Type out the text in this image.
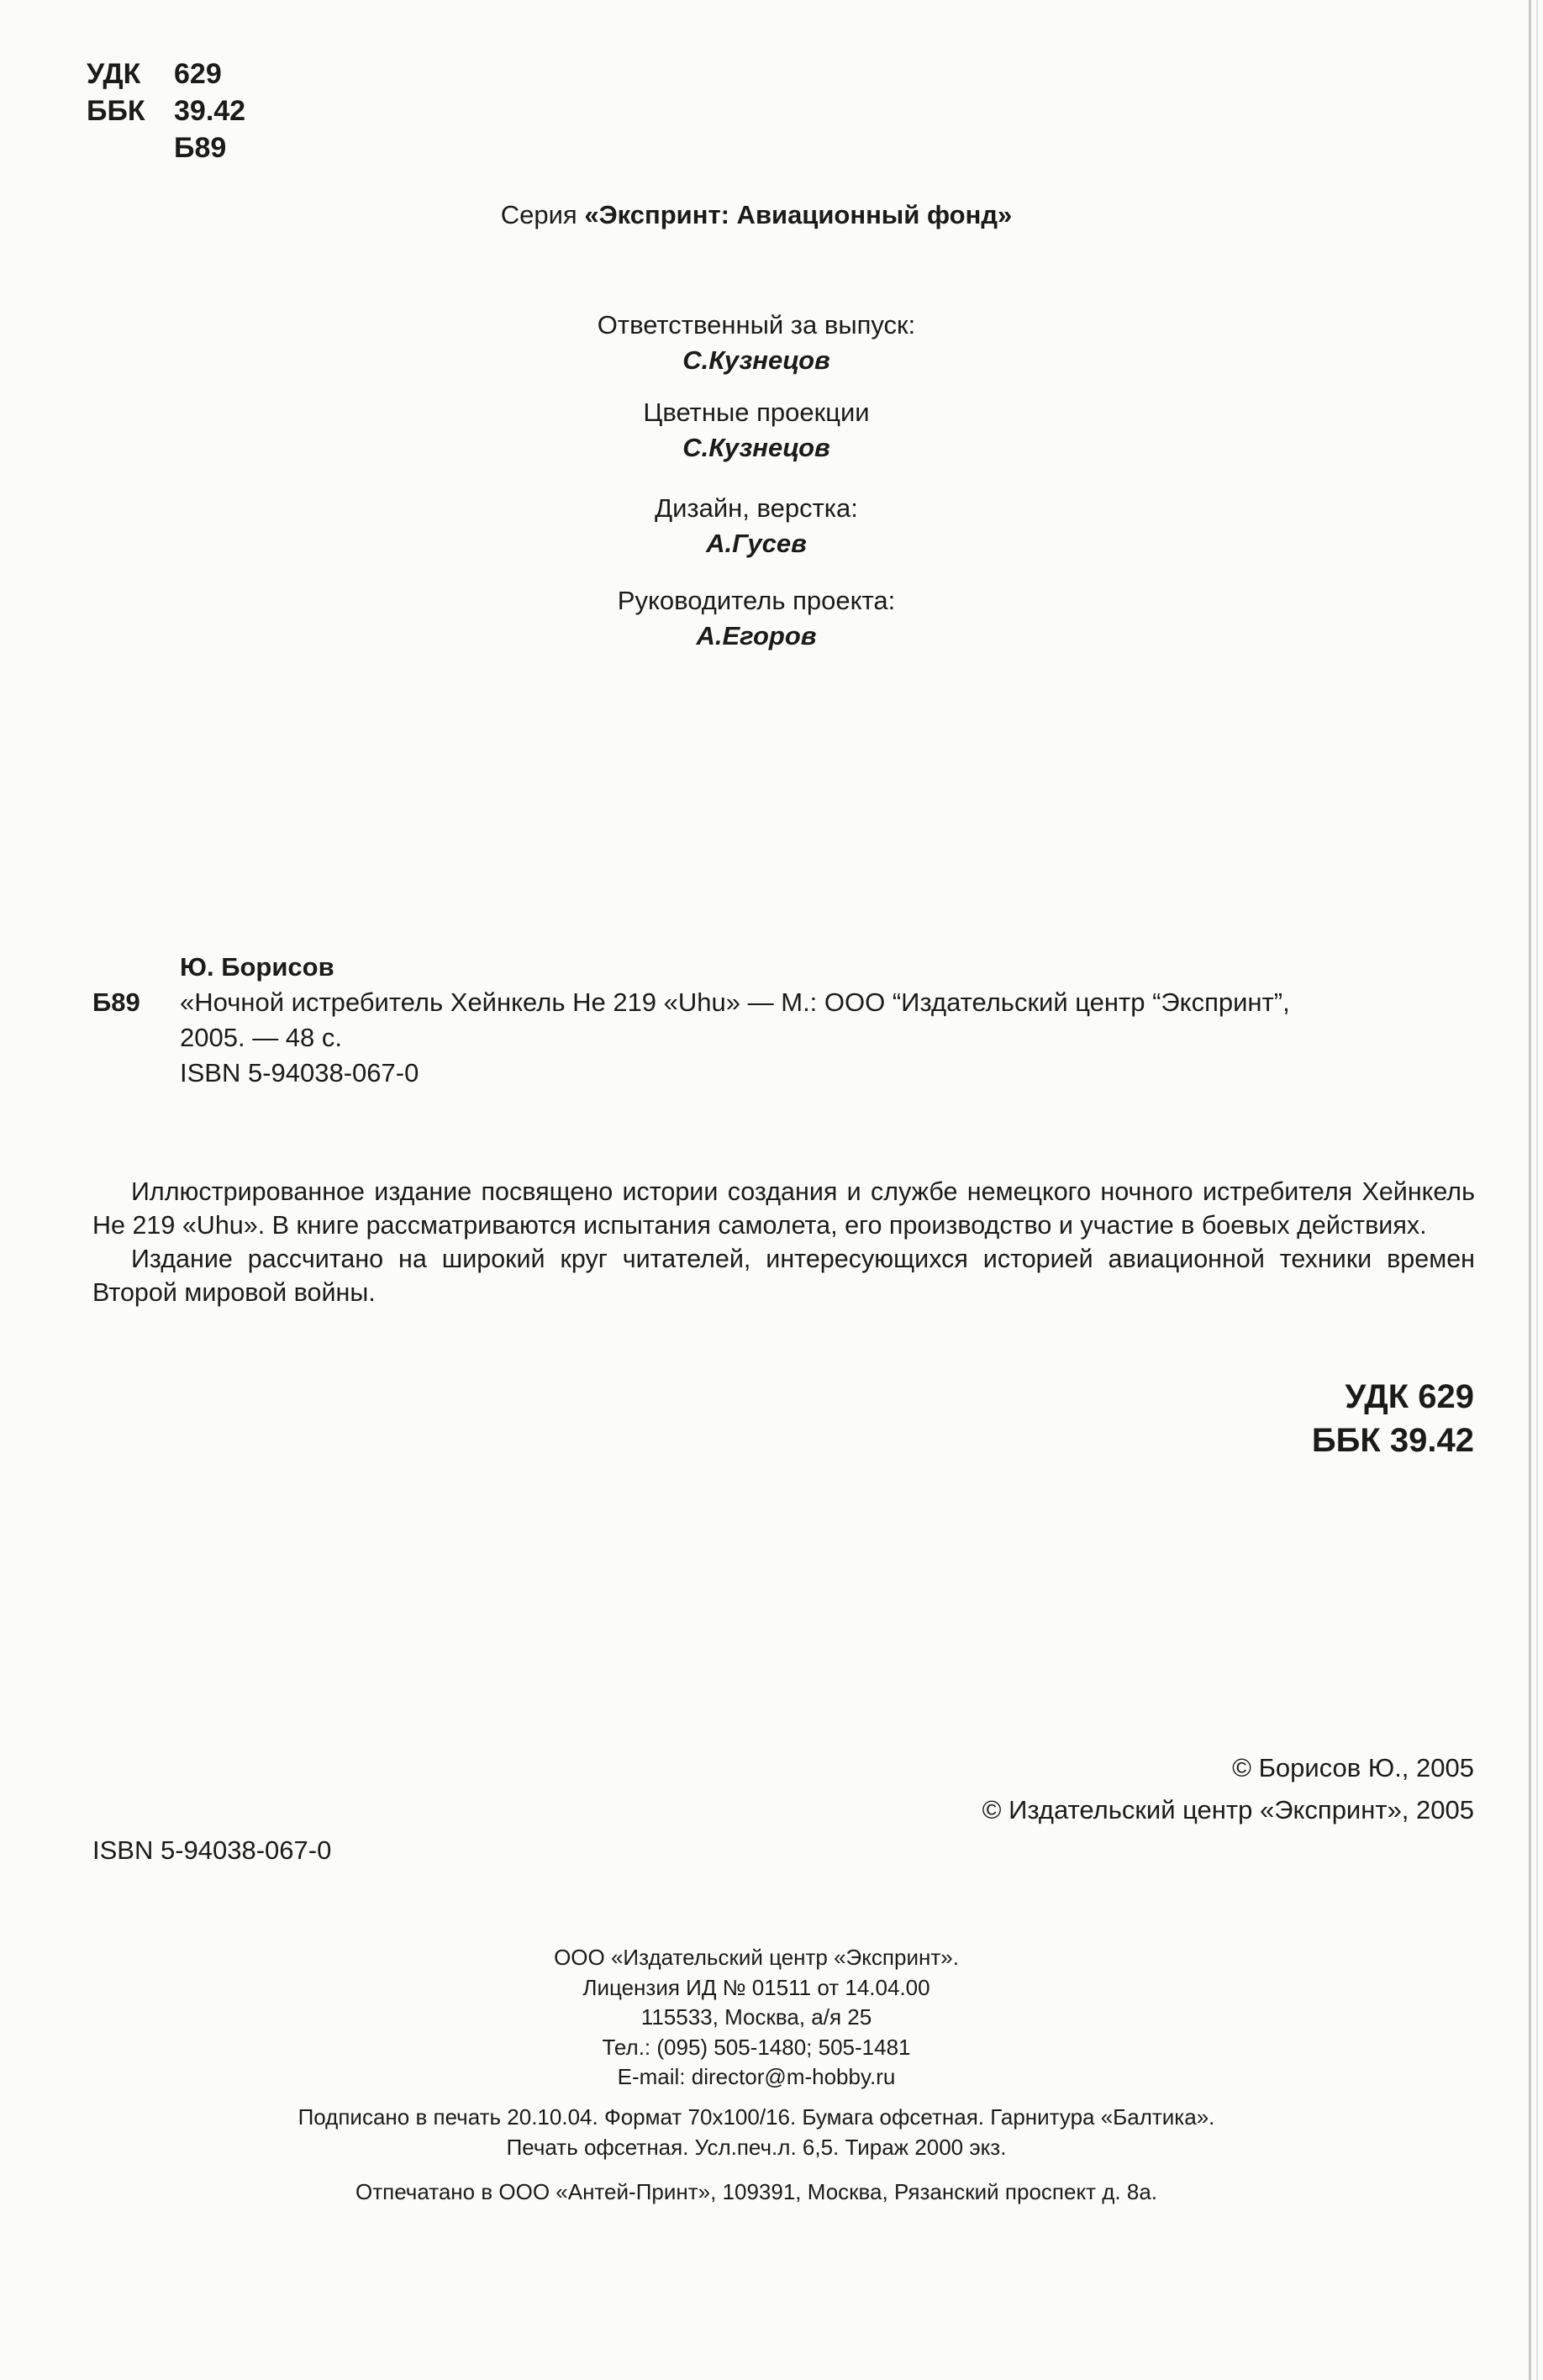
УДК	629
ББК	39.42
Б89
Серия «Экспринт: Авиационный фонд»
Ответственный за выпуск:
С.Кузнецов
Цветные проекции
С.Кузнецов
Дизайн, верстка:
А.Гусев
Руководитель проекта:
А.Егоров
Ю. Борисов
Б89 «Ночной истребитель Хейнкель Не 219 «Uhu» — М.: ООО “Издательский центр “Экспринт”,
2005. — 48 с.
ISBN 5-94038-067-0

Иллюстрированное издание посвящено истории создания и службе немецкого ночного истребителя Хейнкель Не 219 «Uhu». В книге рассматриваются испытания самолета, его производство и участие в боевых действиях.

Издание рассчитано на широкий круг читателей, интересующихся историей авиационной техники времен Второй мировой войны.

УДК 629
ББК 39.42
© Борисов Ю., 2005
© Издательский центр «Экспринт», 2005
ISBN 5-94038-067-0
ООО «Издательский центр «Экспринт».
Лицензия ИД № 01511 от 14.04.00
115533, Москва, а/я 25
Тел.: (095) 505-1480; 505-1481
E-mail: director@m-hobby.ru
Подписано в печать 20.10.04. Формат 70х100/16. Бумага офсетная. Гарнитура «Балтика».
Печать офсетная. Усл.печ.л. 6,5. Тираж 2000 экз.
Отпечатано в ООО «Антей-Принт», 109391, Москва, Рязанский проспект д. 8а.
